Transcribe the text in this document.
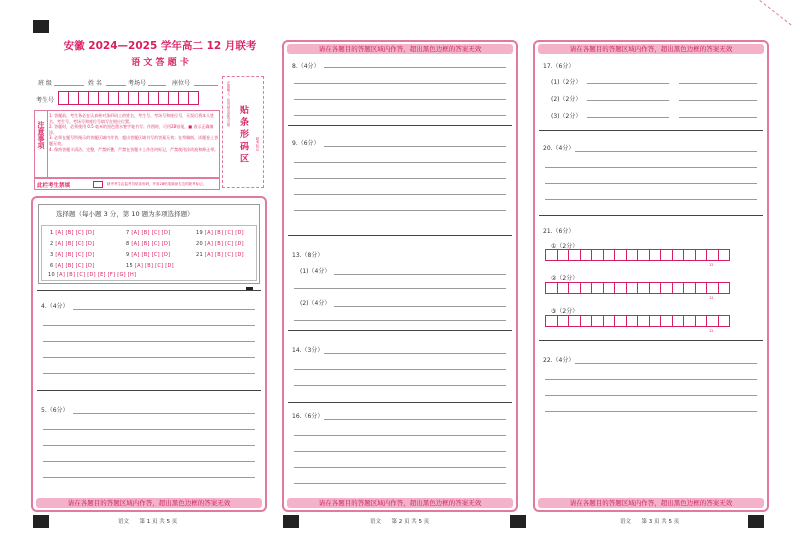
安徽 2024—2025 学年高二 12 月联考
语 文 答 题 卡
班 级	姓 名	考场号	座位号
考生号	正面朝上，切勿贴出虚线方框
贴 条 形 码 区 缺考标记
注意事项
1. 答题前，考生务必在认真核对条形码上的姓名、考生号、考场号和座位号，无误后将本人姓名、考生号、考场号和座位号填写在相应位置。
2. 答题时，必须使用 0.5 毫米的黑色墨水签字笔书写；作图时，可用2B铅笔，■ 表示正确填涂。
3. 必须在题号所指示的答题区域内作答，超出答题区域书写的答案无效；在草稿纸、试题卷上答题无效。
4. 保持答题卡清洁、完整，严禁折叠，严禁在答题卡上作任何标记，严禁使用涂改液和修正带。
此栏考生禁填	缺考考生由监考员贴条形码，并用2B铅笔填涂右边的缺考标记。
选择题（每小题 3 分，第 10 题为多项选择题）
1 [A] [B] [C] [D]	7 [A] [B] [C] [D]	19 [A] [B] [C] [D]
2 [A] [B] [C] [D]	8 [A] [B] [C] [D]	20 [A] [B] [C] [D]
3 [A] [B] [C] [D]	9 [A] [B] [C] [D]	21 [A] [B] [C] [D]
6 [A] [B] [C] [D]	15 [A] [B] [C] [D]
10 [A] [B] [C] [D] [E] [F] [G] [H]
4.（4分）
5.（6分）
请在各题目的答题区域内作答，超出黑色边框的答案无效
请在各题目的答题区域内作答，超出黑色边框的答案无效
8.（4分）
9.（6分）
13.（8分）
(1)（4分）
(2)（4分）
14.（3分）
16.（6分）
请在各题目的答题区域内作答，超出黑色边框的答案无效
请在各题目的答题区域内作答，超出黑色边框的答案无效
17.（6分）
(1)（2分）
(2)（2分）
(3)（2分）
20.（4分）
21.（6分）
①（2分）
12
②（2分）
12
③（2分）
12
22.（4分）
请在各题目的答题区域内作答，超出黑色边框的答案无效
语文 第 1 页 共 5 页	语文 第 2 页 共 5 页	语文 第 3 页 共 5 页
